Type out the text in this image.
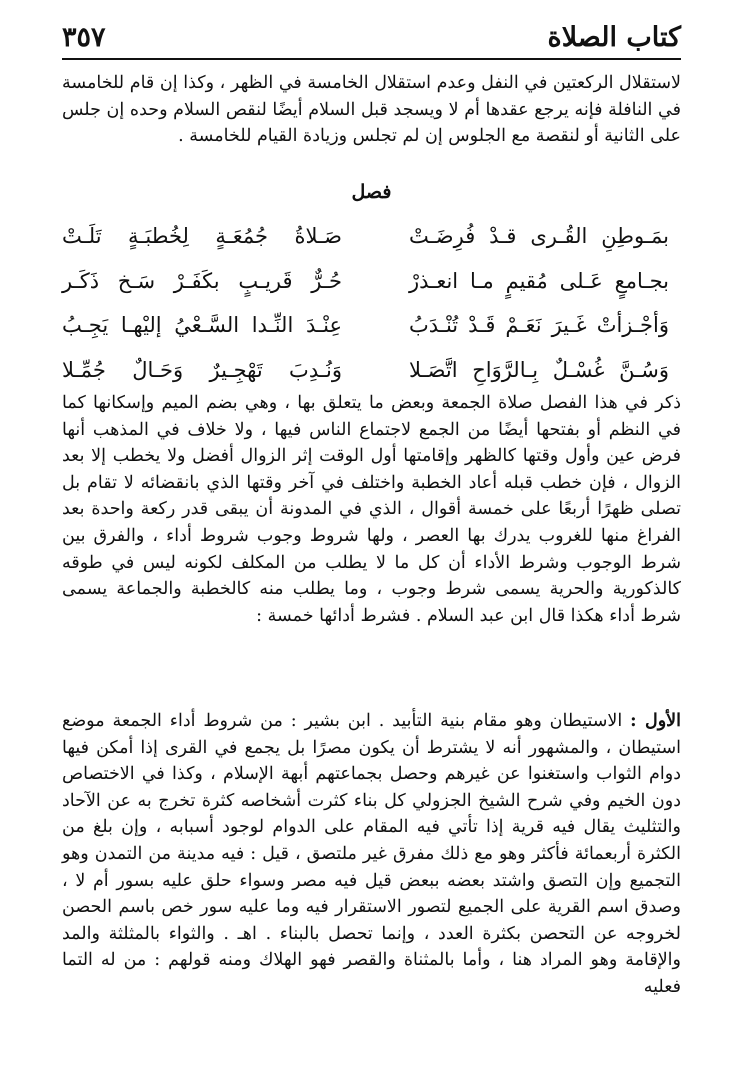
كتاب الصلاة
٣٥٧

لاستقلال الركعتين في النفل وعدم استقلال الخامسة في الظهر ، وكذا إن قام للخامسة في النافلة فإنه يرجع عقدها أم لا ويسجد قبل السلام أيضًا لنقص السلام وحده إن جلس على الثانية أو لنقصة مع الجلوس إن لم تجلس وزيادة القيام للخامسة .

فصل
بمَـوطِنِ القُـرى قـدْ فُرِضَـتْ
صَـلاةُ جُمُعَـةٍ لِخُطبَـةٍ تَلَـتْ
بجـامعٍ عَـلى مُقيمٍ مـا انعـذرْ
حُـرٌّ قَريـبٍ بكَفَـرْ سَـخ ذَكَـر
وَأجْـزأتْ غَـيرَ نَعَـمْ قَـدْ تُنْـدَبُ
عِنْـدَ النِّـدا السَّـعْيُ إليْهـا يَجِـبُ
وَسُـنَّ غُسْـلٌ بِـالرَّوَاحِ اتَّصَـلا
وَنُـدِبَ تَهْجِـيرٌ وَحَـالٌ جُمِّـلا

ذكر في هذا الفصل صلاة الجمعة وبعض ما يتعلق بها ، وهي بضم الميم وإسكانها كما في النظم أو بفتحها أيضًا من الجمع لاجتماع الناس فيها ، ولا خلاف في المذهب أنها فرض عين وأول وقتها كالظهر وإقامتها أول الوقت إثر الزوال أفضل ولا يخطب إلا بعد الزوال ، فإن خطب قبله أعاد الخطبة واختلف في آخر وقتها الذي بانقضائه لا تقام بل تصلى ظهرًا أربعًا على خمسة أقوال ، الذي في المدونة أن يبقى قدر ركعة واحدة بعد الفراغ منها للغروب يدرك بها العصر ، ولها شروط وجوب شروط أداء ، والفرق بين شرط الوجوب وشرط الأداء أن كل ما لا يطلب من المكلف لكونه ليس في طوقه كالذكورية والحرية يسمى شرط وجوب ، وما يطلب منه كالخطبة والجماعة يسمى شرط أداء هكذا قال ابن عبد السلام . فشرط أدائها خمسة :

الأول : الاستيطان وهو مقام بنية التأبيد . ابن بشير : من شروط أداء الجمعة موضع استيطان ، والمشهور أنه لا يشترط أن يكون مصرًا بل يجمع في القرى إذا أمكن فيها دوام الثواب واستغنوا عن غيرهم وحصل بجماعتهم أبهة الإسلام ، وكذا في الاختصاص دون الخيم وفي شرح الشيخ الجزولي كل بناء كثرت أشخاصه كثرة تخرج به عن الآحاد والتثليث يقال فيه قرية إذا تأتي فيه المقام على الدوام لوجود أسبابه ، وإن بلغ من الكثرة أربعمائة فأكثر وهو مع ذلك مفرق غير ملتصق ، قيل : فيه مدينة من التمدن وهو التجميع وإن التصق واشتد بعضه ببعض قيل فيه مصر وسواء حلق عليه بسور أم لا ، وصدق اسم القرية على الجميع لتصور الاستقرار فيه وما عليه سور خص باسم الحصن لخروجه عن التحصن بكثرة العدد ، وإنما تحصل بالبناء . اهـ . والثواء بالمثلثة والمد والإقامة وهو المراد هنا ، وأما بالمثناة والقصر فهو الهلاك ومنه قولهم : من له التما فعليه
